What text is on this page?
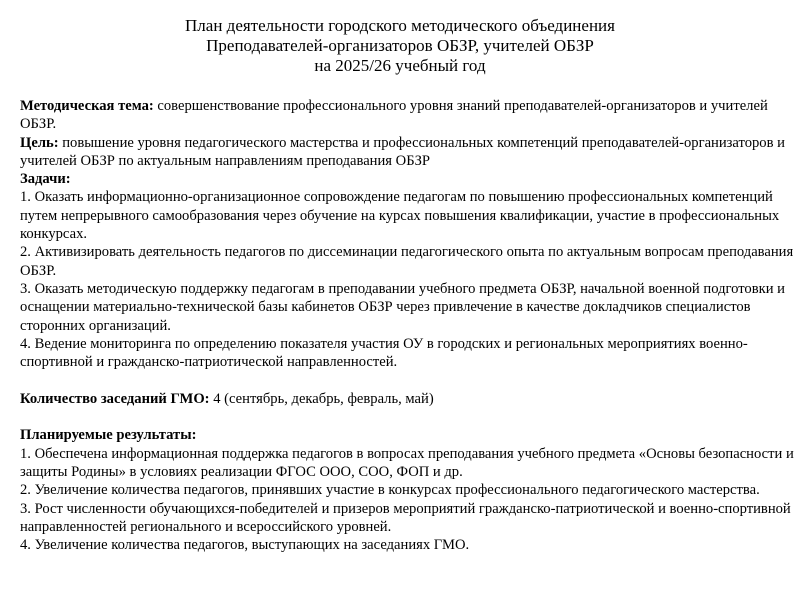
План деятельности городского методического объединения
Преподавателей-организаторов ОБЗР, учителей ОБЗР
на 2025/26 учебный год

Методическая тема: совершенствование профессионального уровня знаний преподавателей-организаторов и учителей ОБЗР.

Цель: повышение уровня педагогического мастерства и профессиональных компетенций преподавателей-организаторов и учителей ОБЗР по актуальным направлениям преподавания ОБЗР

Задачи:

1. Оказать информационно-организационное сопровождение педагогам по повышению профессиональных компетенций путем непрерывного самообразования через обучение на курсах повышения квалификации, участие в профессиональных конкурсах.

2. Активизировать деятельность педагогов по диссеминации педагогического опыта по актуальным вопросам преподавания ОБЗР.

3. Оказать методическую поддержку педагогам в преподавании учебного предмета ОБЗР, начальной военной подготовки и оснащении материально-технической базы кабинетов ОБЗР через привлечение в качестве докладчиков специалистов сторонних организаций.

4. Ведение мониторинга по определению показателя участия ОУ в городских и региональных мероприятиях военно-спортивной и гражданско-патриотической направленностей.

Количество заседаний ГМО: 4 (сентябрь, декабрь, февраль, май)

Планируемые результаты:

1. Обеспечена информационная поддержка педагогов в вопросах преподавания учебного предмета «Основы безопасности и защиты Родины» в условиях реализации ФГОС ООО, СОО, ФОП и др.

2. Увеличение количества педагогов, принявших участие в конкурсах профессионального педагогического мастерства.

3. Рост численности обучающихся-победителей и призеров мероприятий гражданско-патриотической и военно-спортивной направленностей регионального и всероссийского уровней.

4. Увеличение количества педагогов, выступающих на заседаниях ГМО.
